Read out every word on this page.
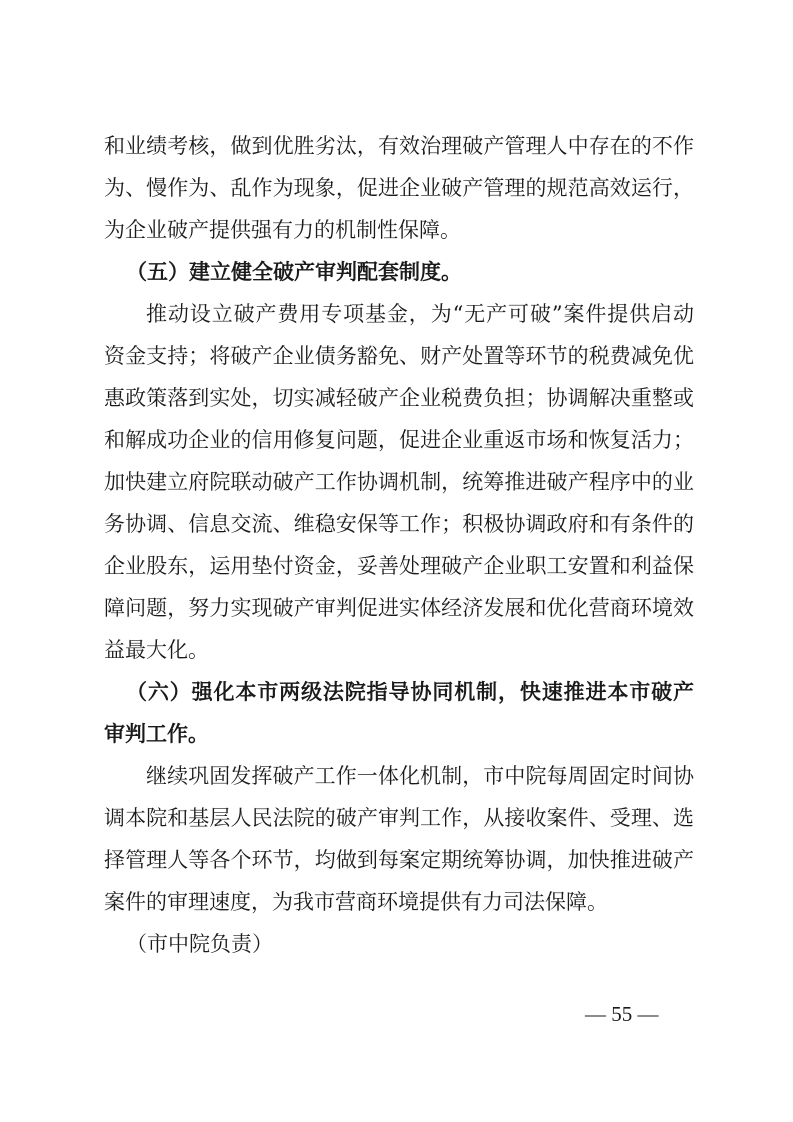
和业绩考核，做到优胜劣汰，有效治理破产管理人中存在的不作
为、慢作为、乱作为现象，促进企业破产管理的规范高效运行，
为企业破产提供强有力的机制性保障。
（五）建立健全破产审判配套制度。
推动设立破产费用专项基金，为“无产可破”案件提供启动
资金支持；将破产企业债务豁免、财产处置等环节的税费减免优
惠政策落到实处，切实减轻破产企业税费负担；协调解决重整或
和解成功企业的信用修复问题，促进企业重返市场和恢复活力；
加快建立府院联动破产工作协调机制，统筹推进破产程序中的业
务协调、信息交流、维稳安保等工作；积极协调政府和有条件的
企业股东，运用垫付资金，妥善处理破产企业职工安置和利益保
障问题，努力实现破产审判促进实体经济发展和优化营商环境效
益最大化。
（六）强化本市两级法院指导协同机制，快速推进本市破产
审判工作。
继续巩固发挥破产工作一体化机制，市中院每周固定时间协
调本院和基层人民法院的破产审判工作，从接收案件、受理、选
择管理人等各个环节，均做到每案定期统筹协调，加快推进破产
案件的审理速度，为我市营商环境提供有力司法保障。
（市中院负责）
— 55 —
